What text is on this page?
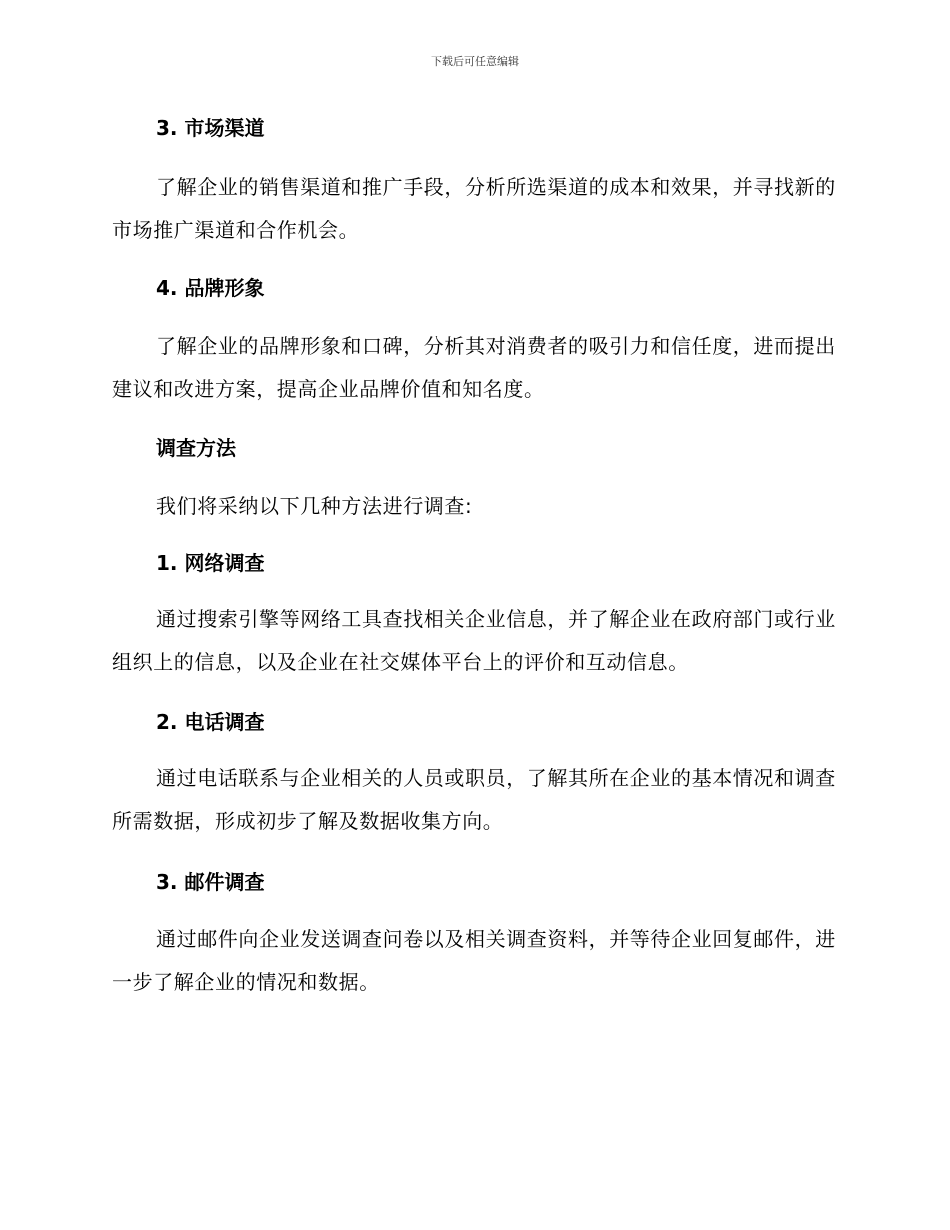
下载后可任意编辑
3. 市场渠道
了解企业的销售渠道和推广手段，分析所选渠道的成本和效果，并寻找新的市场推广渠道和合作机会。
4. 品牌形象
了解企业的品牌形象和口碑，分析其对消费者的吸引力和信任度，进而提出建议和改进方案，提高企业品牌价值和知名度。
调查方法
我们将采纳以下几种方法进行调查:
1. 网络调查
通过搜索引擎等网络工具查找相关企业信息，并了解企业在政府部门或行业组织上的信息，以及企业在社交媒体平台上的评价和互动信息。
2. 电话调查
通过电话联系与企业相关的人员或职员，了解其所在企业的基本情况和调查所需数据，形成初步了解及数据收集方向。
3. 邮件调查
通过邮件向企业发送调查问卷以及相关调查资料，并等待企业回复邮件，进一步了解企业的情况和数据。
